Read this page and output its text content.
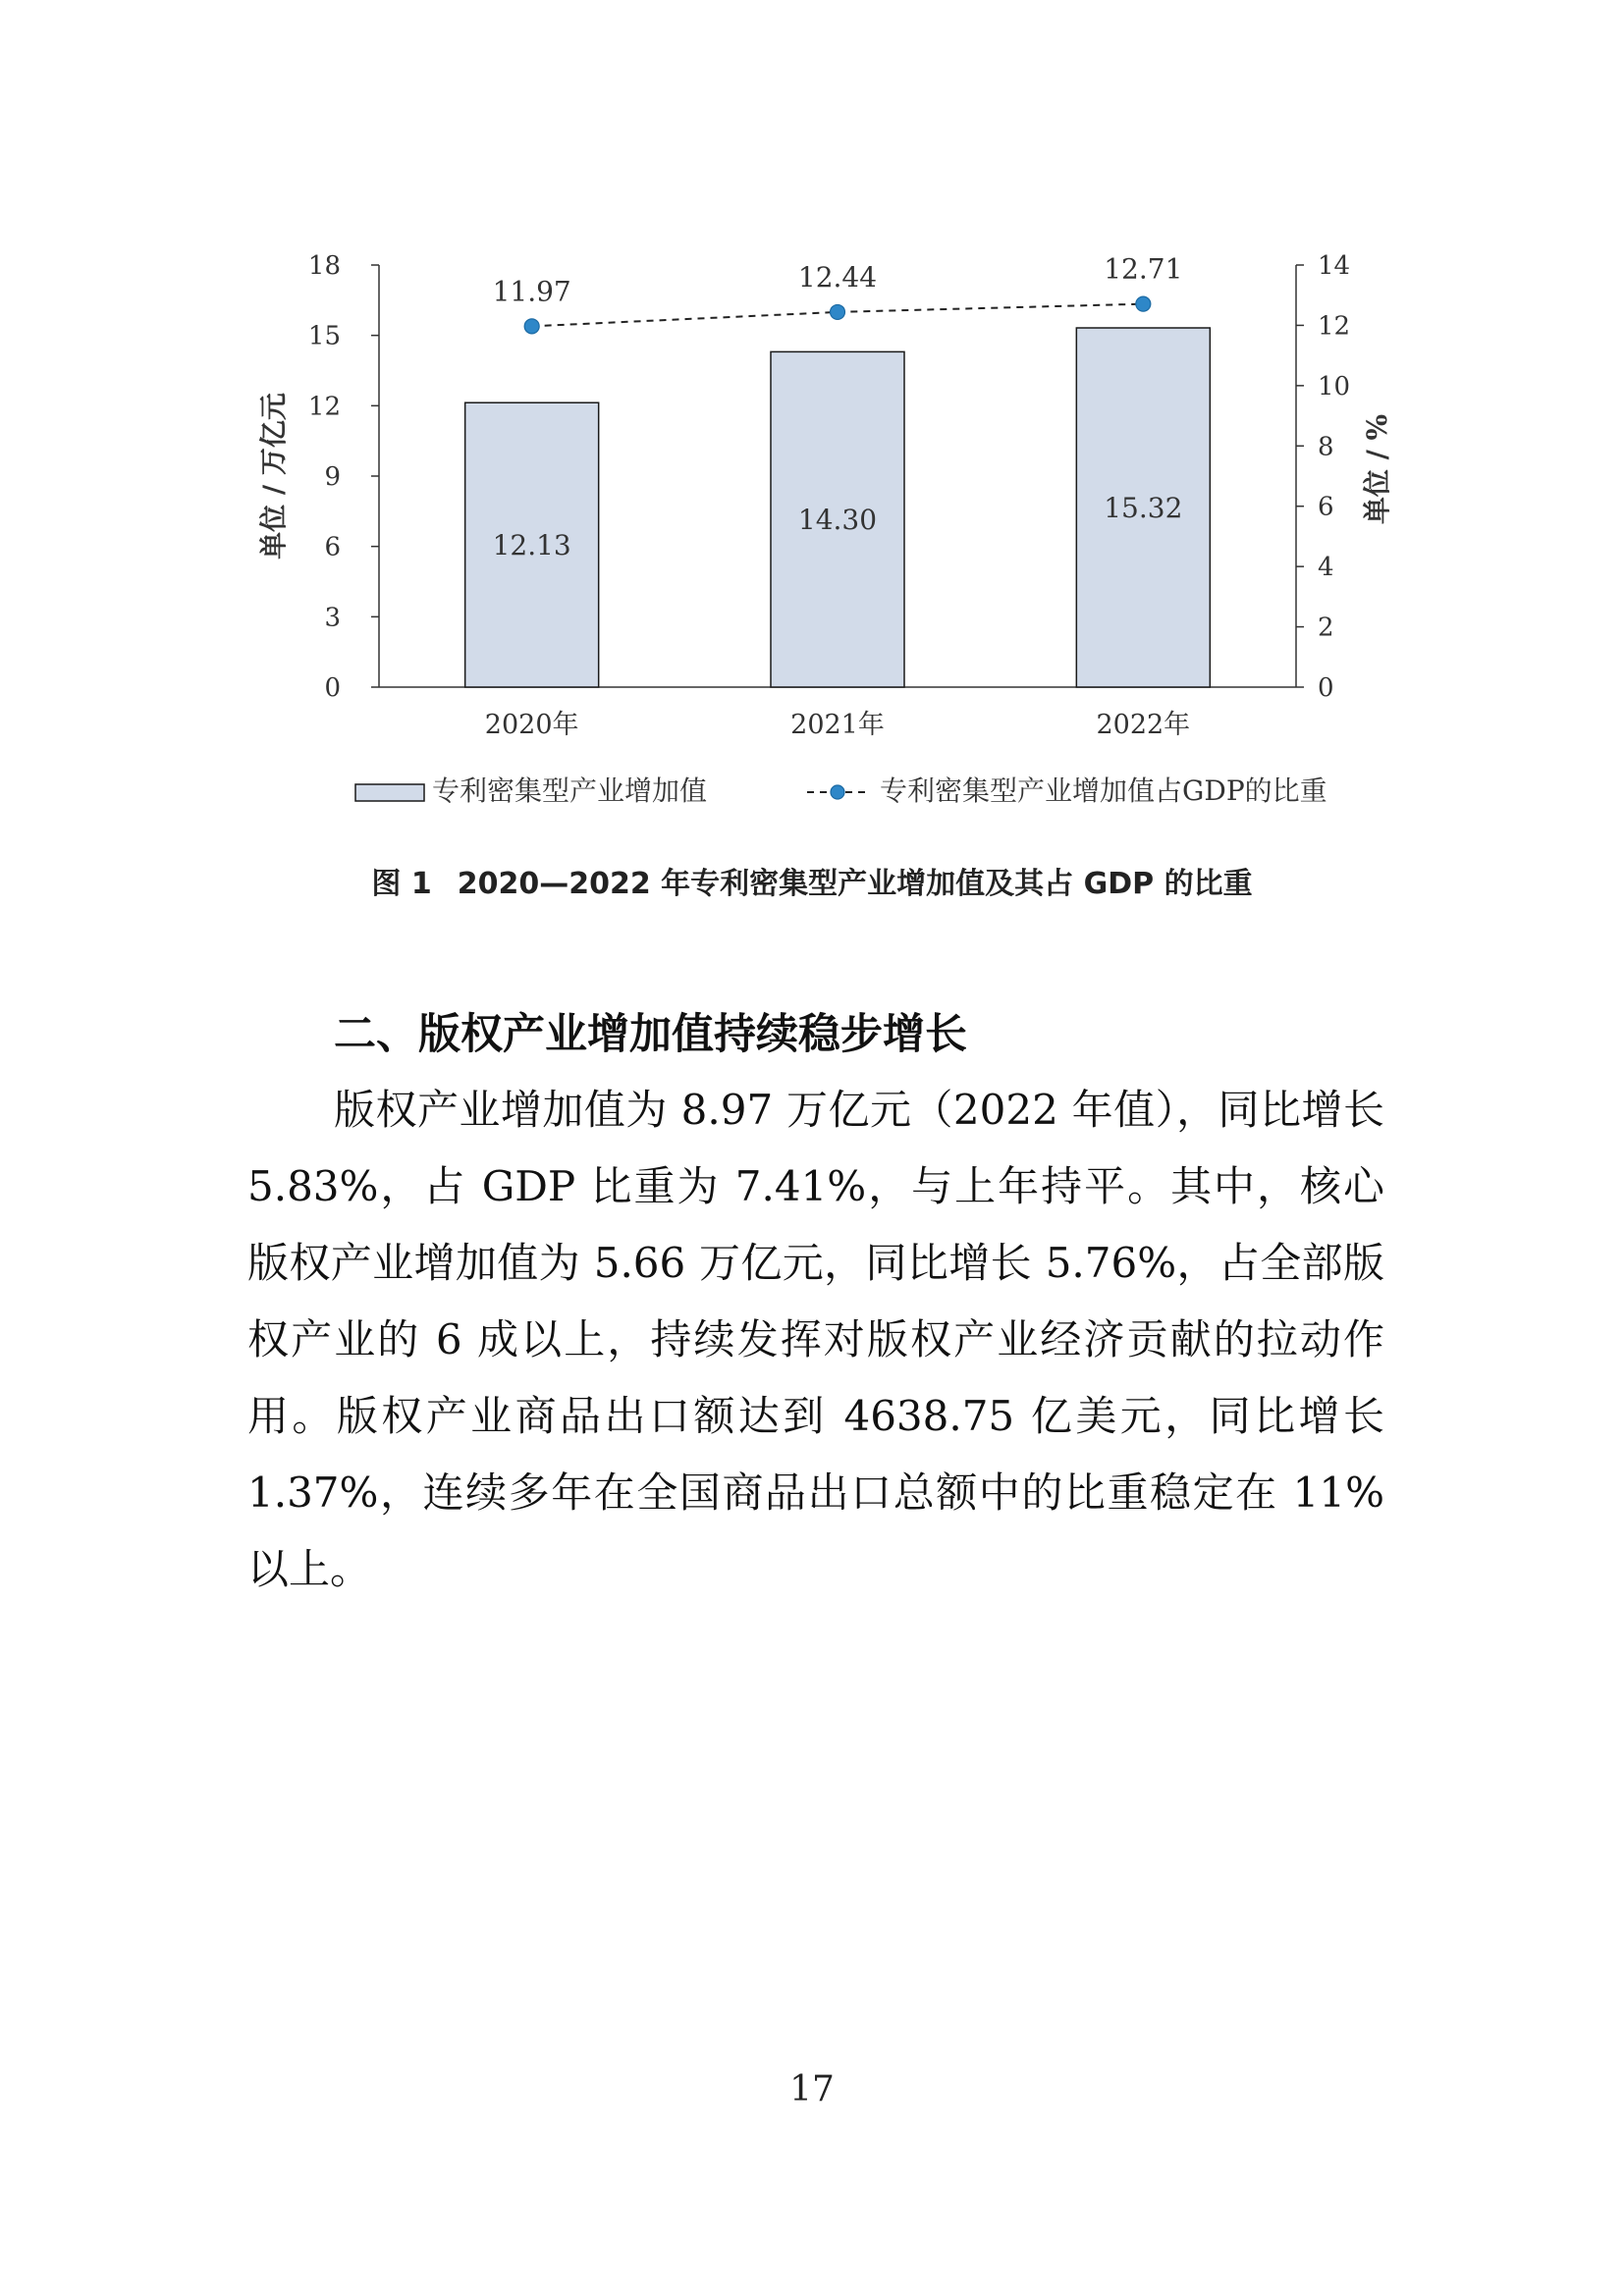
0
3
6
9
12
15
18
0
2
4
6
8
10
12
14
单位 / 万亿元	单位 / %
12.13
14.30	15.32
2020年	2021年	2022年
11.97	12.44	12.71
专利密集型产业增加值	专利密集型产业增加值占GDP的比重
图 1 2020—2022 年专利密集型产业增加值及其占 GDP 的比重
二、版权产业增加值持续稳步增长

版权产业增加值为 8.97 万亿元（2022 年值），同比增长 5.83%，占 GDP 比重为 7.41%，与上年持平。其中，核心版权产业增加值为 5.66 万亿元，同比增长 5.76%，占全部版权产业的 6 成以上，持续发挥对版权产业经济贡献的拉动作用。版权产业商品出口额达到 4638.75 亿美元，同比增长 1.37%，连续多年在全国商品出口总额中的比重稳定在 11%以上。

17
